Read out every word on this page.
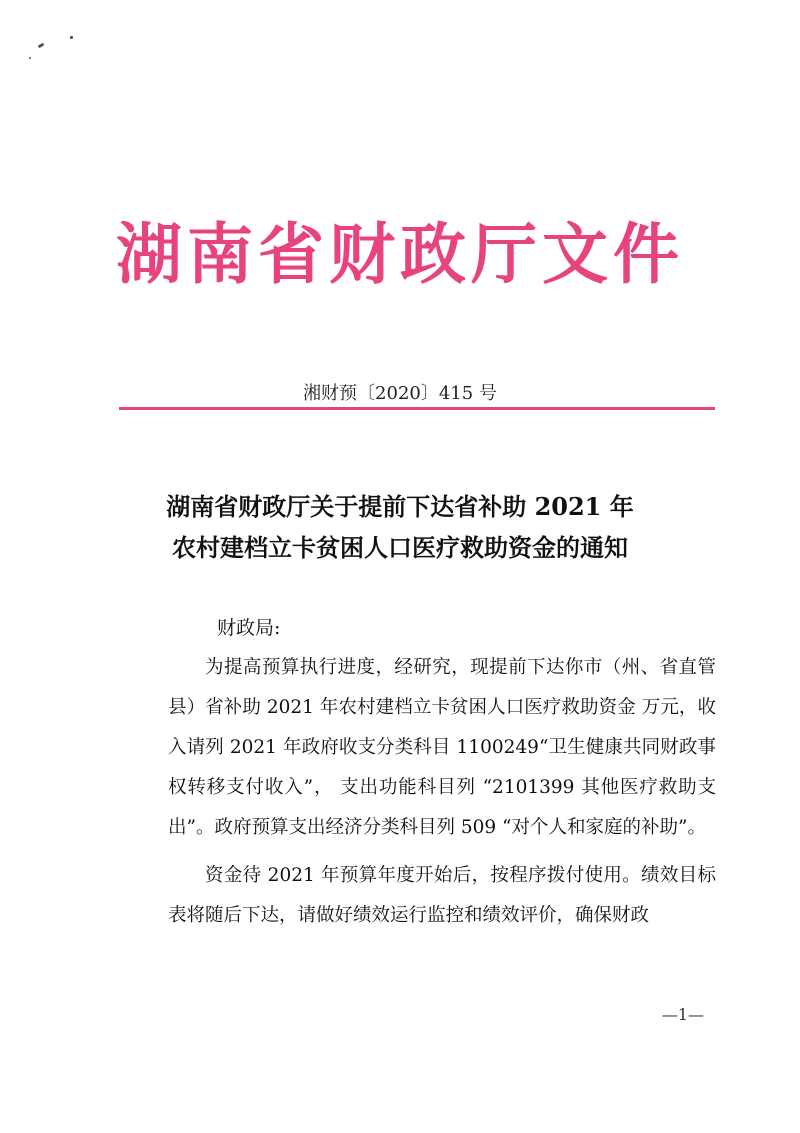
湖南省财政厅文件
湘财预〔2020〕415 号
湖南省财政厅关于提前下达省补助 2021 年
农村建档立卡贫困人口医疗救助资金的通知
财政局:

为提高预算执行进度，经研究，现提前下达你市（州、省直管县）省补助 2021 年农村建档立卡贫困人口医疗救助资金 万元，收入请列 2021 年政府收支分类科目 1100249“卫生健康共同财政事权转移支付收入”， 支出功能科目列 “2101399 其他医疗救助支出”。政府预算支出经济分类科目列 509 “对个人和家庭的补助”。

资金待 2021 年预算年度开始后，按程序拨付使用。绩效目标表将随后下达，请做好绩效运行监控和绩效评价，确保财政

—1—
